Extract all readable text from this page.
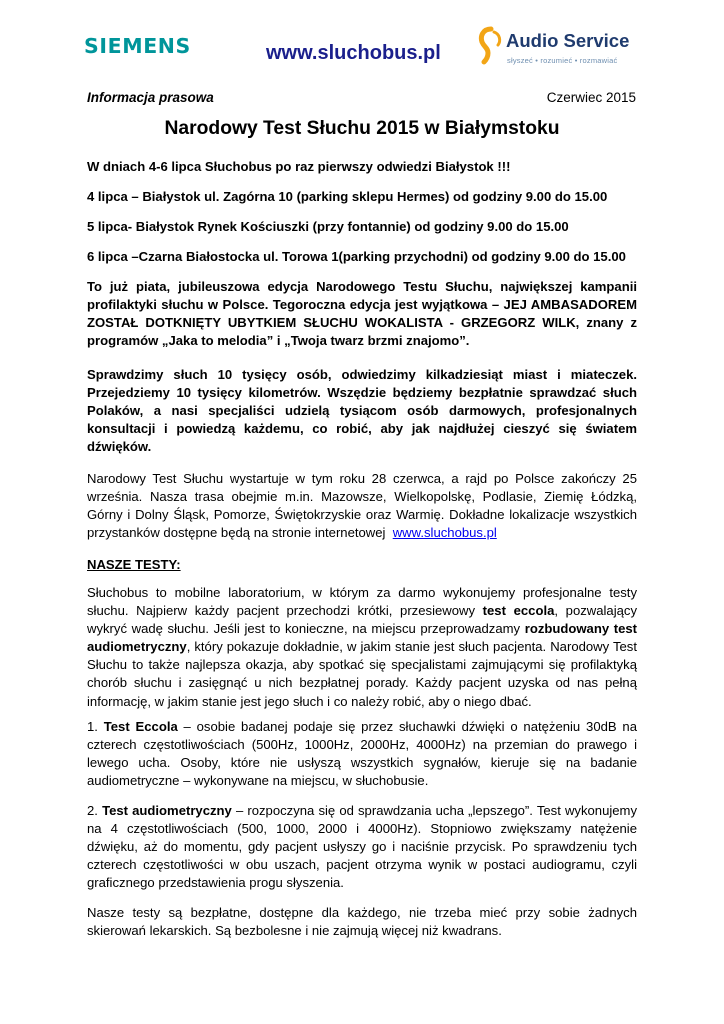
SIEMENS	www.sluchobus.pl
Audio Service
słyszeć • rozumieć • rozmawiać
Informacja prasowa	Czerwiec 2015
Narodowy Test Słuchu 2015 w Białymstoku

W dniach 4-6 lipca Słuchobus po raz pierwszy odwiedzi Białystok !!!

4 lipca – Białystok ul. Zagórna 10 (parking sklepu Hermes) od godziny 9.00 do 15.00

5 lipca- Białystok Rynek Kościuszki (przy fontannie) od godziny 9.00 do 15.00

6 lipca –Czarna Białostocka ul. Torowa 1(parking przychodni) od godziny 9.00 do 15.00

To już piata, jubileuszowa edycja Narodowego Testu Słuchu, największej kampanii profilaktyki słuchu w Polsce. Tegoroczna edycja jest wyjątkowa – JEJ AMBASADOREM ZOSTAŁ DOTKNIĘTY UBYTKIEM SŁUCHU WOKALISTA - GRZEGORZ WILK, znany z programów „Jaka to melodia” i „Twoja twarz brzmi znajomo”.

Sprawdzimy słuch 10 tysięcy osób, odwiedzimy kilkadziesiąt miast i miateczek. Przejedziemy 10 tysięcy kilometrów. Wszędzie będziemy bezpłatnie sprawdzać słuch Polaków, a nasi specjaliści udzielą tysiącom osób darmowych, profesjonalnych konsultacji i powiedzą każdemu, co robić, aby jak najdłużej cieszyć się światem dźwięków.

Narodowy Test Słuchu wystartuje w tym roku 28 czerwca, a rajd po Polsce zakończy 25 września. Nasza trasa obejmie m.in. Mazowsze, Wielkopolskę, Podlasie, Ziemię Łódzką, Górny i Dolny Śląsk, Pomorze, Świętokrzyskie oraz Warmię. Dokładne lokalizacje wszystkich przystanków dostępne będą na stronie internetowej www.sluchobus.pl

NASZE TESTY:

Słuchobus to mobilne laboratorium, w którym za darmo wykonujemy profesjonalne testy słuchu. Najpierw każdy pacjent przechodzi krótki, przesiewowy test eccola, pozwalający wykryć wadę słuchu. Jeśli jest to konieczne, na miejscu przeprowadzamy rozbudowany test audiometryczny, który pokazuje dokładnie, w jakim stanie jest słuch pacjenta. Narodowy Test Słuchu to także najlepsza okazja, aby spotkać się specjalistami zajmującymi się profilaktyką chorób słuchu i zasięgnąć u nich bezpłatnej porady. Każdy pacjent uzyska od nas pełną informację, w jakim stanie jest jego słuch i co należy robić, aby o niego dbać.

1. Test Eccola – osobie badanej podaje się przez słuchawki dźwięki o natężeniu 30dB na czterech częstotliwościach (500Hz, 1000Hz, 2000Hz, 4000Hz) na przemian do prawego i lewego ucha. Osoby, które nie usłyszą wszystkich sygnałów, kieruje się na badanie audiometryczne – wykonywane na miejscu, w słuchobusie.

2. Test audiometryczny – rozpoczyna się od sprawdzania ucha „lepszego”. Test wykonujemy na 4 częstotliwościach (500, 1000, 2000 i 4000Hz). Stopniowo zwiększamy natężenie dźwięku, aż do momentu, gdy pacjent usłyszy go i naciśnie przycisk. Po sprawdzeniu tych czterech częstotliwości w obu uszach, pacjent otrzyma wynik w postaci audiogramu, czyli graficznego przedstawienia progu słyszenia.

Nasze testy są bezpłatne, dostępne dla każdego, nie trzeba mieć przy sobie żadnych skierowań lekarskich. Są bezbolesne i nie zajmują więcej niż kwadrans.
